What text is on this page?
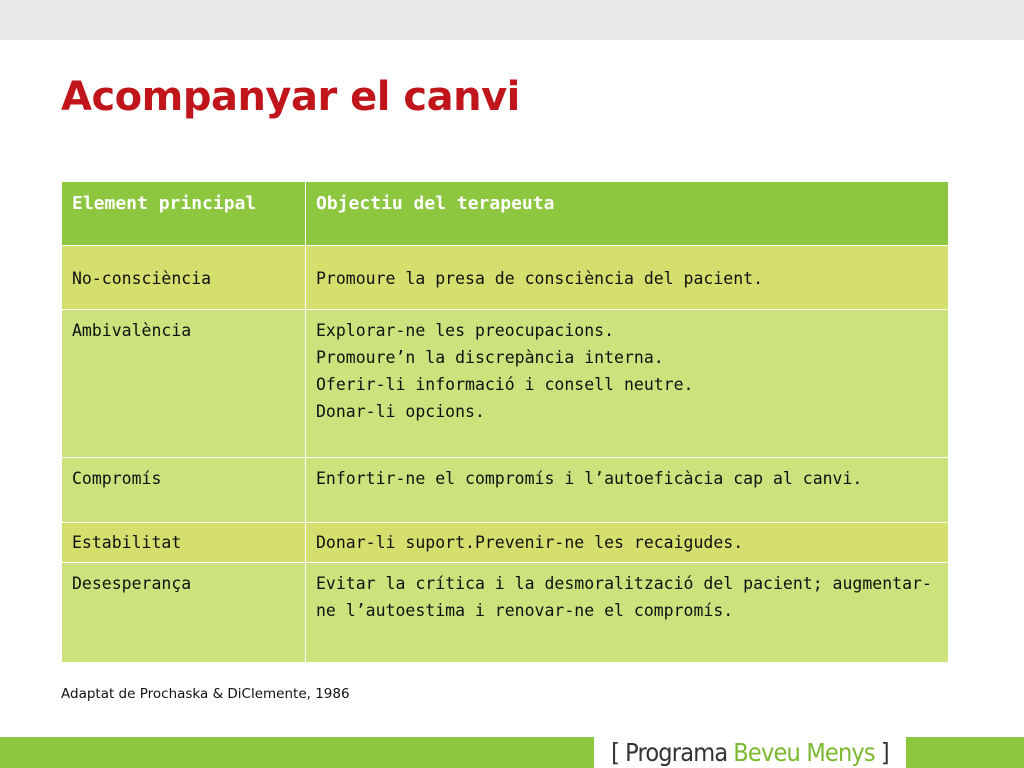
Acompanyar el canvi
Element principal	Objectiu del terapeuta
No-consciència	Promoure la presa de consciència del pacient.

Ambivalència	Explorar-ne les preocupacions.
Promoure’n la discrepància interna.
Oferir-li informació i consell neutre.
Donar-li opcions.

Compromís	Enfortir-ne el compromís i l’autoeficàcia cap al canvi.

Estabilitat	Donar-li suport.Prevenir-ne les recaigudes.

Desesperança	Evitar la crítica i la desmoralització del pacient; augmentar-
ne l’autoestima i renovar-ne el compromís.
Adaptat de Prochaska & DiClemente, 1986
[ Programa Beveu Menys ]
